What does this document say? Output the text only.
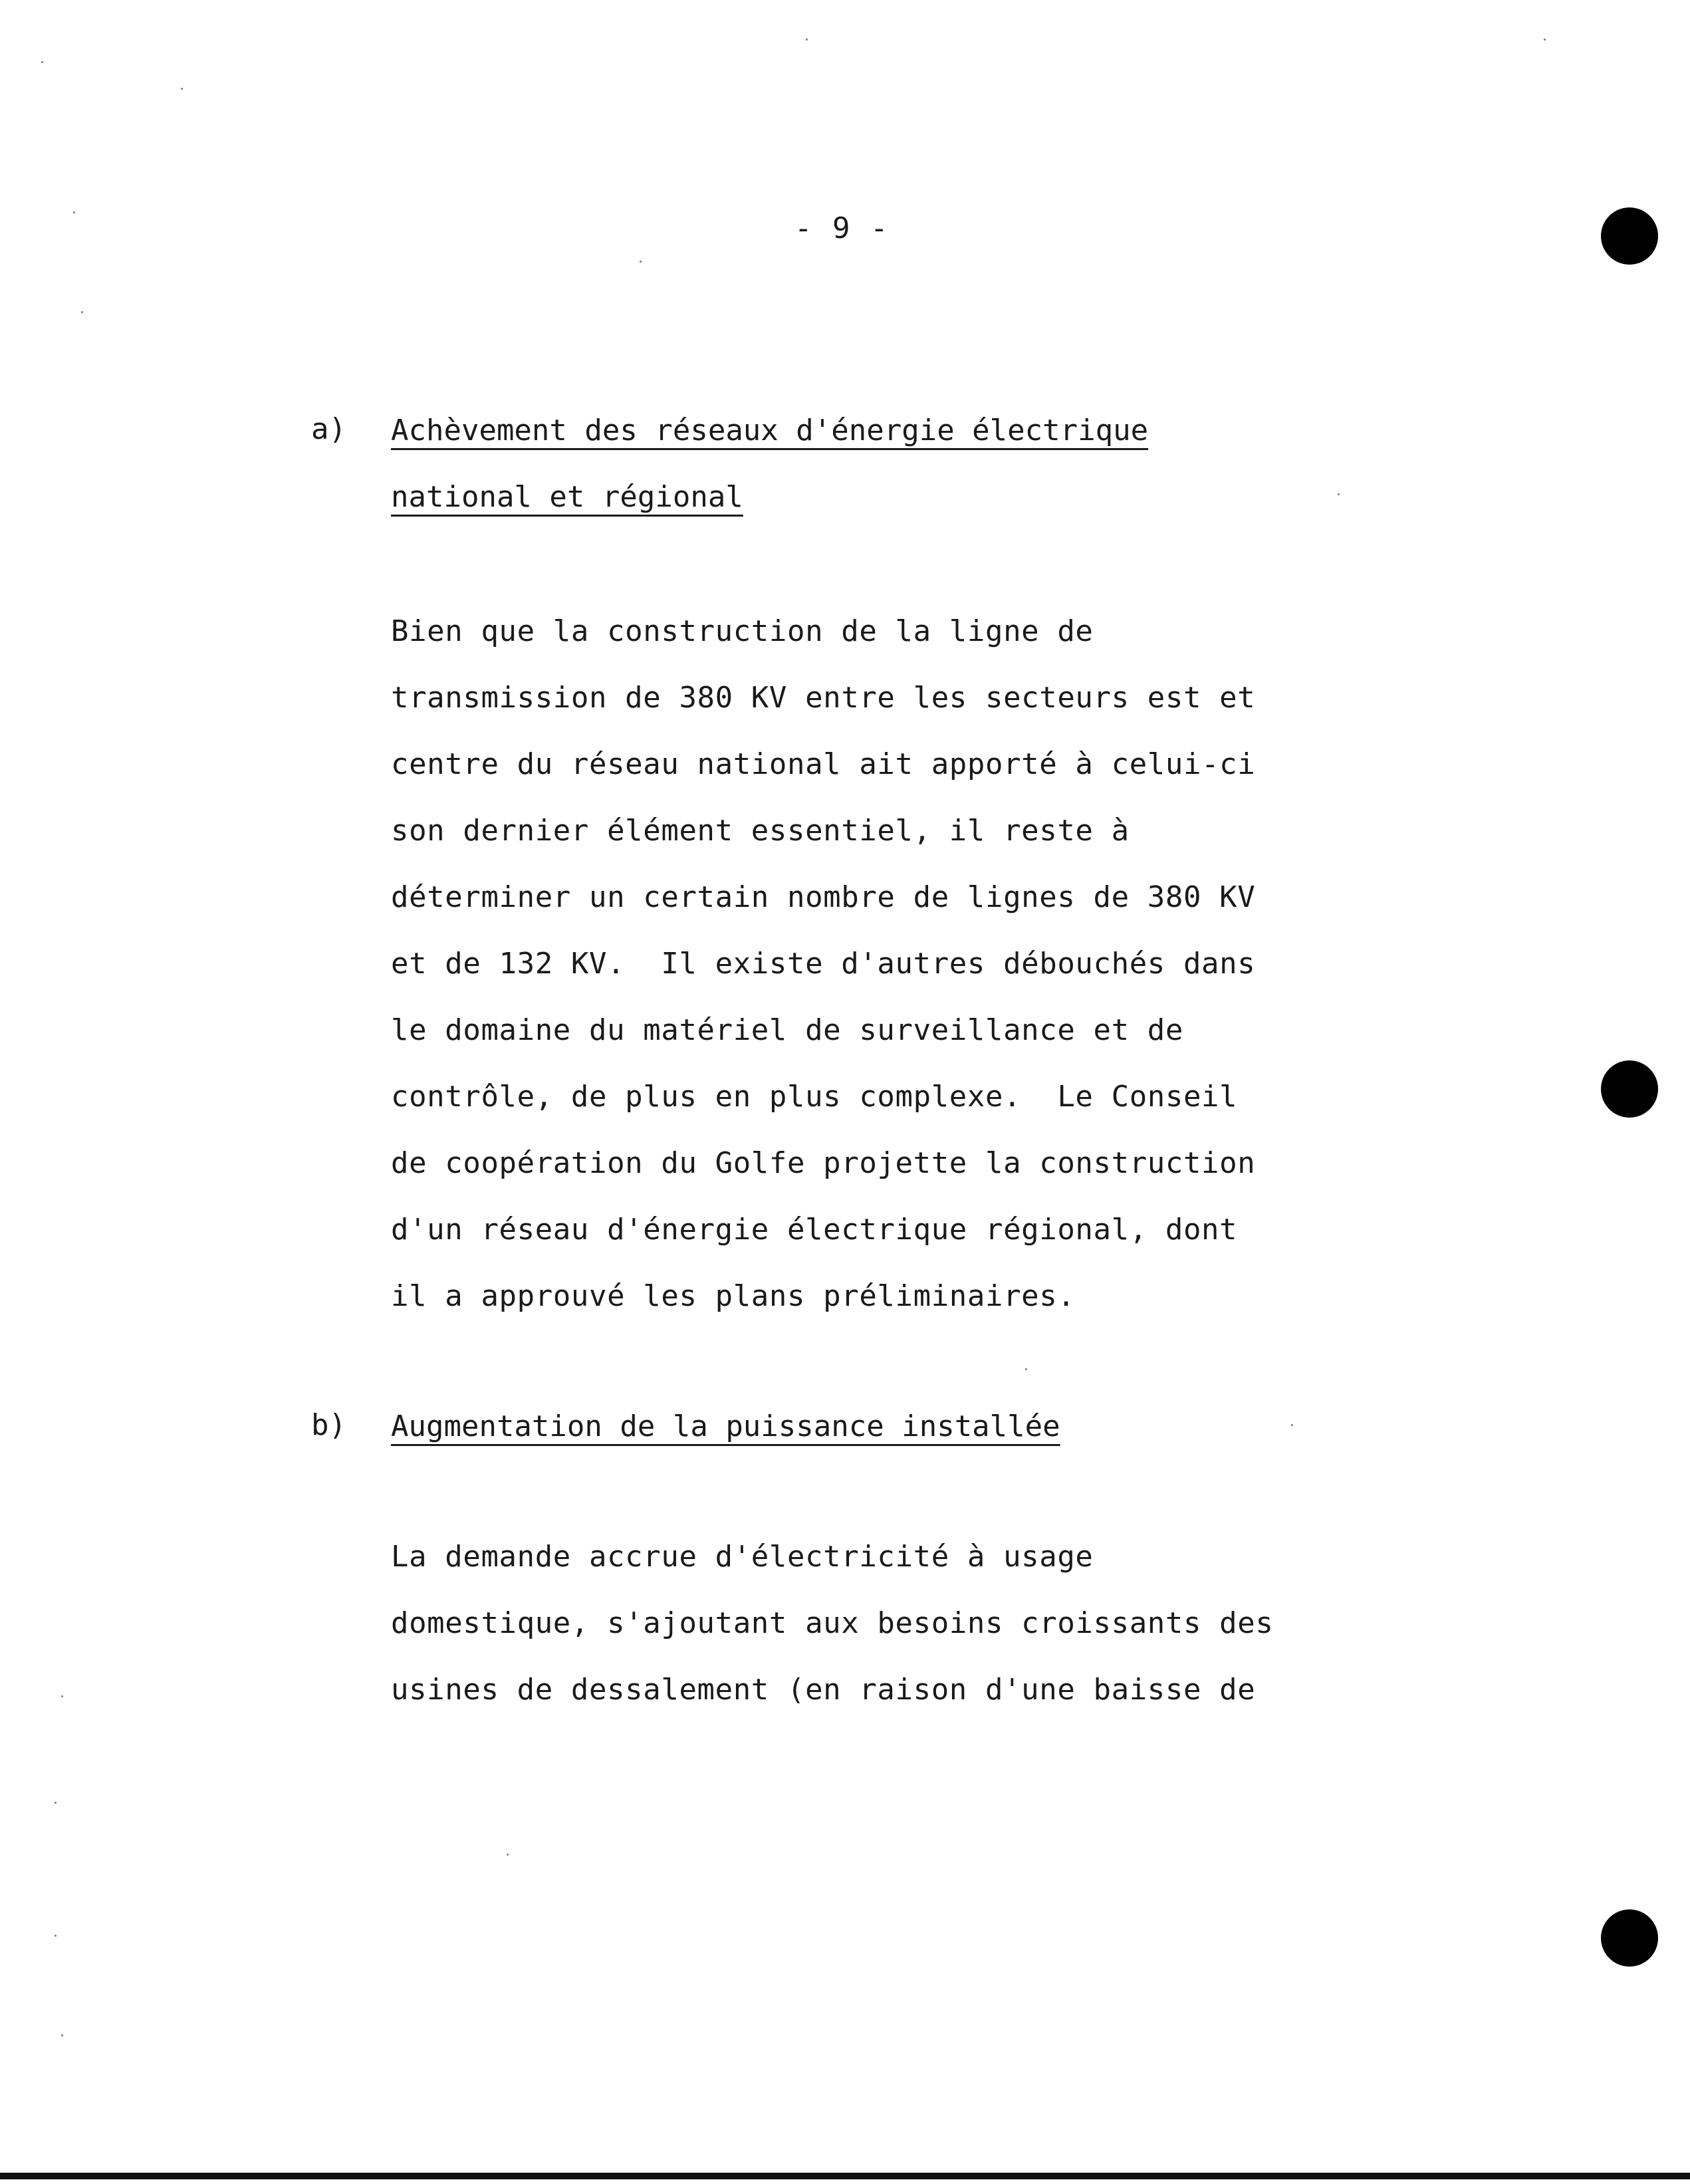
- 9 -
a) Achèvement des réseaux d'énergie électrique
national et régional
Bien que la construction de la ligne de
transmission de 380 KV entre les secteurs est et
centre du réseau national ait apporté à celui-ci
son dernier élément essentiel, il reste à
déterminer un certain nombre de lignes de 380 KV
et de 132 KV.  Il existe d'autres débouchés dans
le domaine du matériel de surveillance et de
contrôle, de plus en plus complexe.  Le Conseil
de coopération du Golfe projette la construction
d'un réseau d'énergie électrique régional, dont
il a approuvé les plans préliminaires.
b) Augmentation de la puissance installée
La demande accrue d'électricité à usage
domestique, s'ajoutant aux besoins croissants des
usines de dessalement (en raison d'une baisse de
